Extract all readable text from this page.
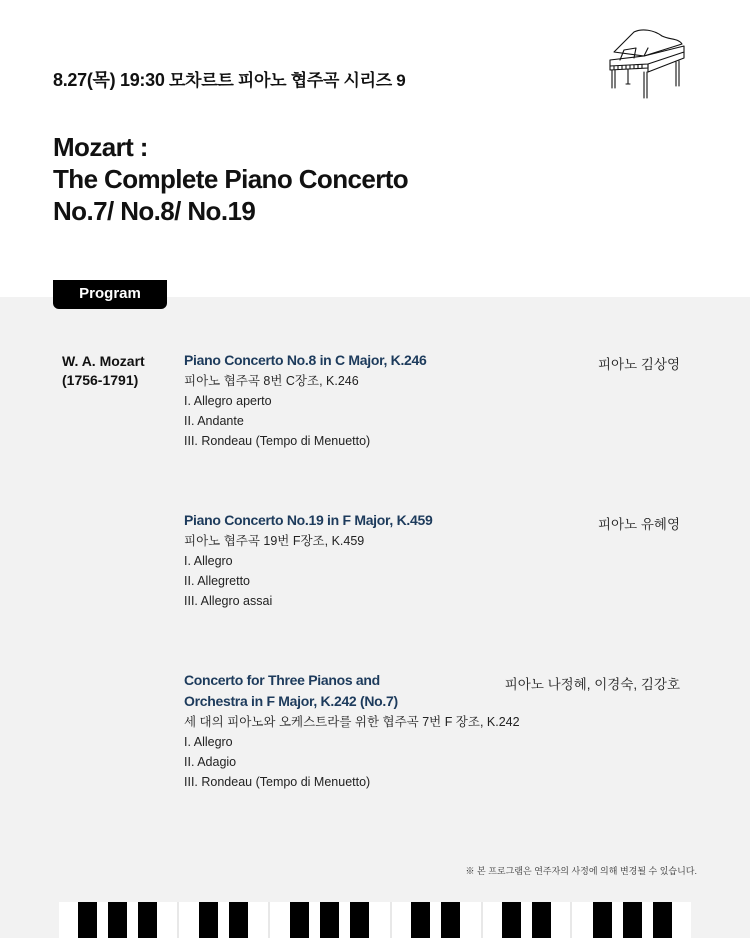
8.27(목) 19:30 모차르트 피아노 협주곡 시리즈 9
Mozart :
The Complete Piano Concerto
No.7/ No.8/ No.19
Program
W. A. Mozart
(1756-1791)
Piano Concerto No.8 in C Major, K.246
피아노 협주곡 8번 C장조, K.246
I. Allegro aperto
II. Andante
III. Rondeau (Tempo di Menuetto)
피아노 김상영
Piano Concerto No.19 in F Major, K.459
피아노 협주곡 19번 F장조, K.459
I. Allegro
II. Allegretto
III. Allegro assai
피아노 유혜영
Concerto for Three Pianos and
Orchestra in F Major, K.242 (No.7)
세 대의 피아노와 오케스트라를 위한 협주곡 7번 F 장조, K.242
I. Allegro
II. Adagio
III. Rondeau (Tempo di Menuetto)
피아노 나정혜, 이경숙, 김강호
※ 본 프로그램은 연주자의 사정에 의해 변경될 수 있습니다.
